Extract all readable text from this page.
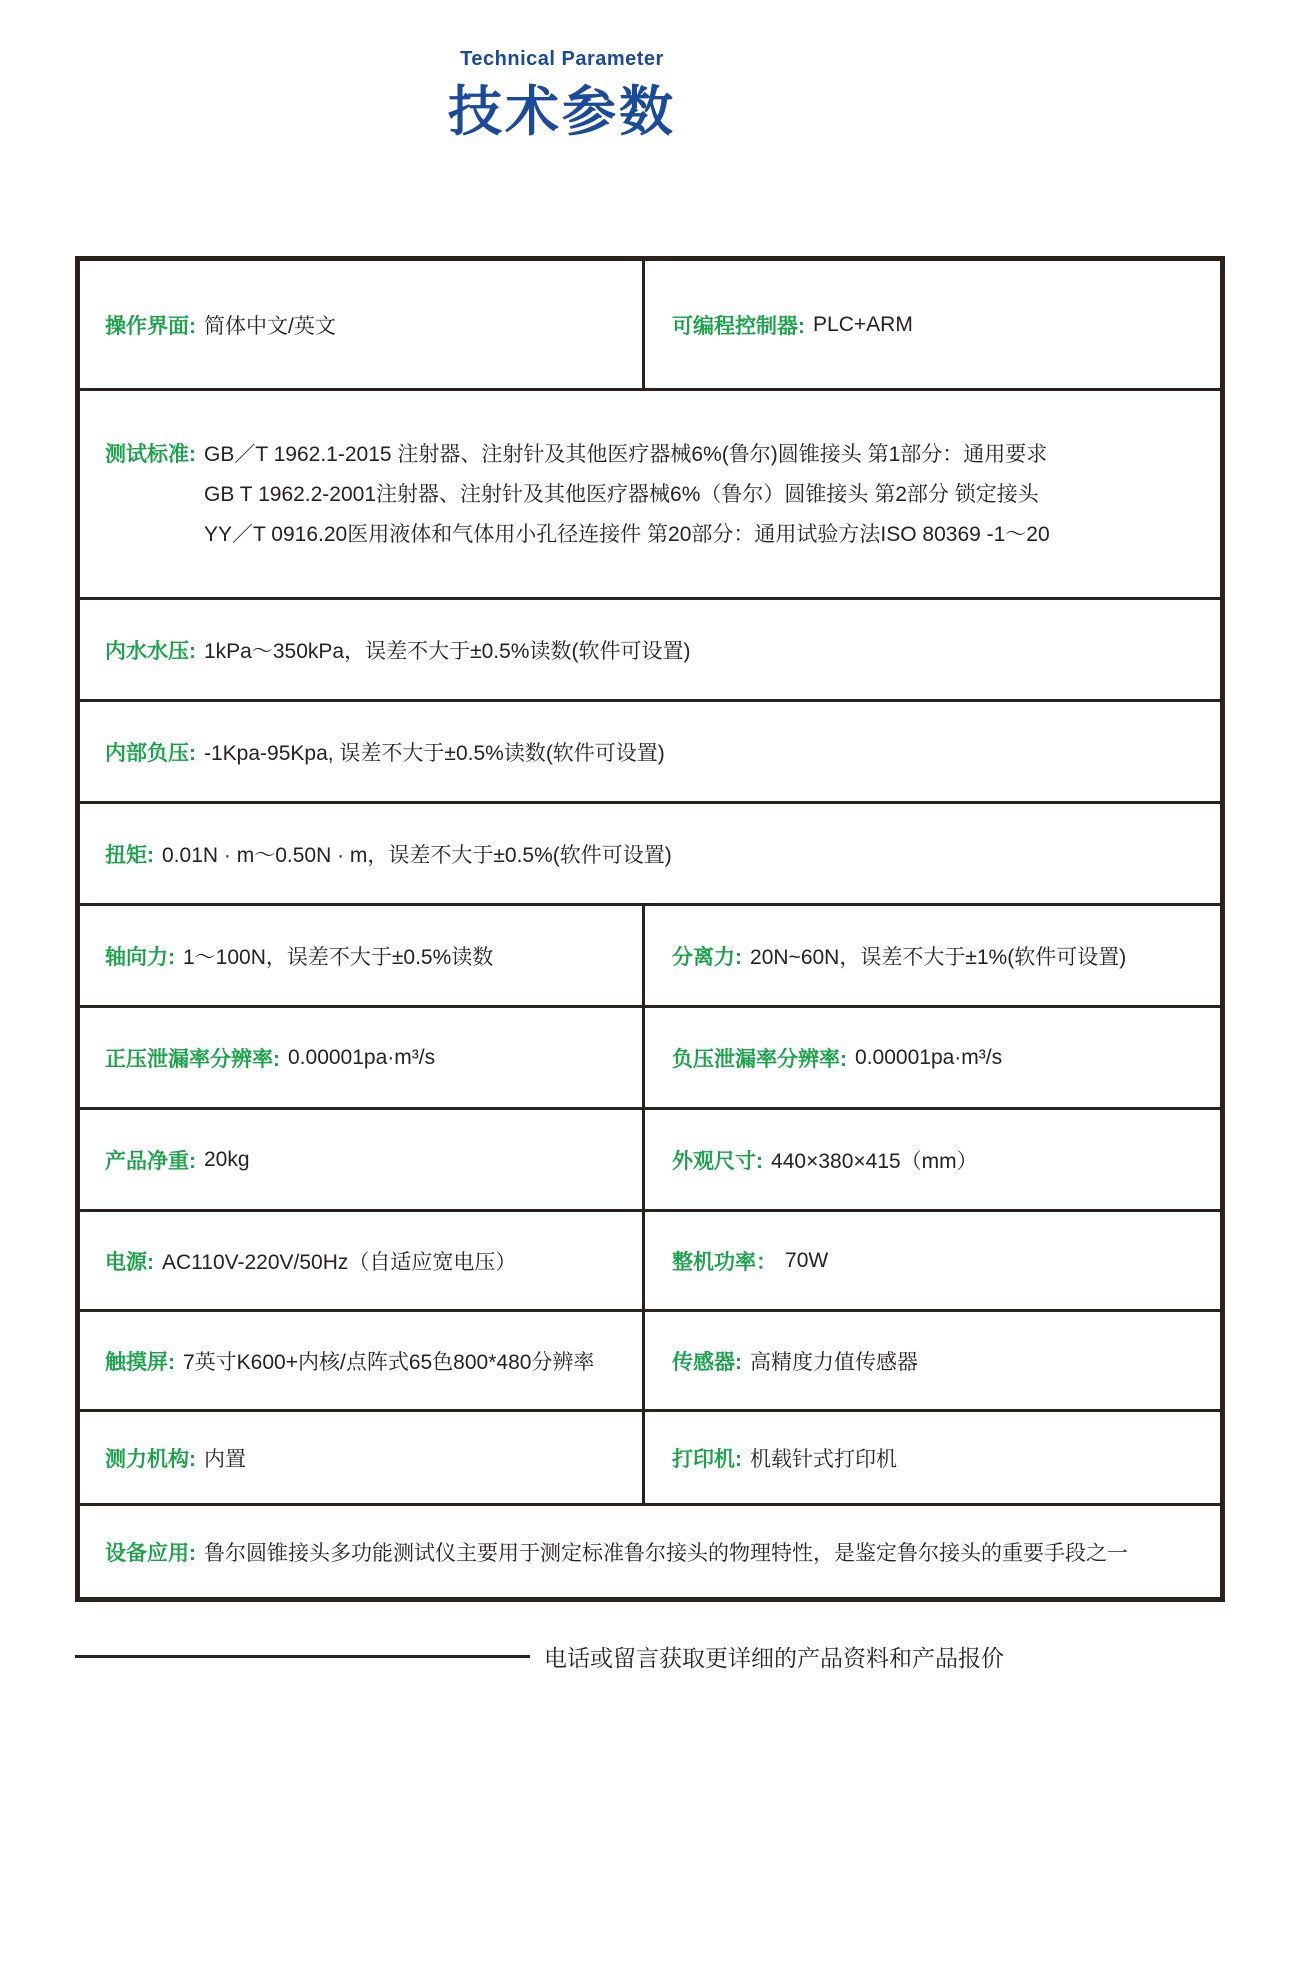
Technical Parameter
技术参数
操作界面: 简体中文/英文	可编程控制器: PLC+ARM
测试标准: GB／T 1962.1-2015 注射器、注射针及其他医疗器械6%(鲁尔)圆锥接头 第1部分：通用要求
GB T 1962.2-2001注射器、注射针及其他医疗器械6%（鲁尔）圆锥接头 第2部分 锁定接头
YY／T 0916.20医用液体和气体用小孔径连接件 第20部分：通用试验方法ISO 80369 -1～20
内水水压: 1kPa～350kPa，误差不大于±0.5%读数(软件可设置)
内部负压: -1Kpa-95Kpa, 误差不大于±0.5%读数(软件可设置)
扭矩: 0.01N · m～0.50N · m，误差不大于±0.5%(软件可设置)
轴向力: 1～100N，误差不大于±0.5%读数	分离力: 20N~60N，误差不大于±1%(软件可设置)
正压泄漏率分辨率: 0.00001pa·m³/s	负压泄漏率分辨率: 0.00001pa·m³/s
产品净重: 20kg	外观尺寸: 440×380×415（mm）
电源: AC110V-220V/50Hz（自适应宽电压）	整机功率： 70W
触摸屏: 7英寸K600+内核/点阵式65色800*480分辨率	传感器: 高精度力值传感器
测力机构: 内置	打印机: 机载针式打印机
设备应用: 鲁尔圆锥接头多功能测试仪主要用于测定标准鲁尔接头的物理特性，是鉴定鲁尔接头的重要手段之一
电话或留言获取更详细的产品资料和产品报价
